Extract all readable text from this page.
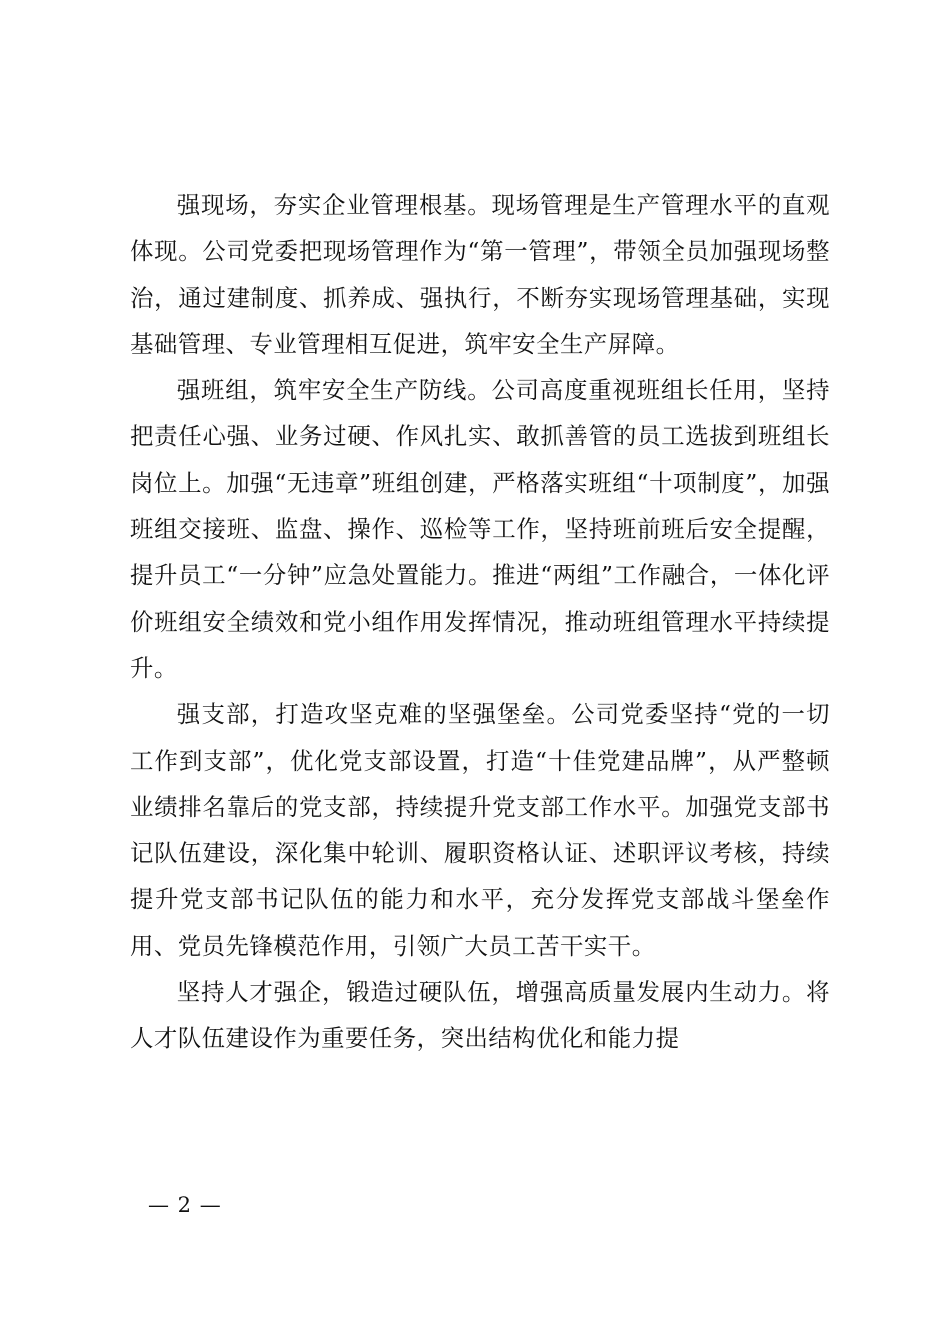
强现场，夯实企业管理根基。现场管理是生产管理水平的直观体现。公司党委把现场管理作为“第一管理”，带领全员加强现场整治，通过建制度、抓养成、强执行，不断夯实现场管理基础，实现基础管理、专业管理相互促进，筑牢安全生产屏障。

强班组，筑牢安全生产防线。公司高度重视班组长任用，坚持把责任心强、业务过硬、作风扎实、敢抓善管的员工选拔到班组长岗位上。加强“无违章”班组创建，严格落实班组“十项制度”，加强班组交接班、监盘、操作、巡检等工作，坚持班前班后安全提醒，提升员工“一分钟”应急处置能力。推进“两组”工作融合，一体化评价班组安全绩效和党小组作用发挥情况，推动班组管理水平持续提升。

强支部，打造攻坚克难的坚强堡垒。公司党委坚持“党的一切工作到支部”，优化党支部设置，打造“十佳党建品牌”，从严整顿业绩排名靠后的党支部，持续提升党支部工作水平。加强党支部书记队伍建设，深化集中轮训、履职资格认证、述职评议考核，持续提升党支部书记队伍的能力和水平，充分发挥党支部战斗堡垒作用、党员先锋模范作用，引领广大员工苦干实干。

坚持人才强企，锻造过硬队伍，增强高质量发展内生动力。将人才队伍建设作为重要任务，突出结构优化和能力提

— 2 —
